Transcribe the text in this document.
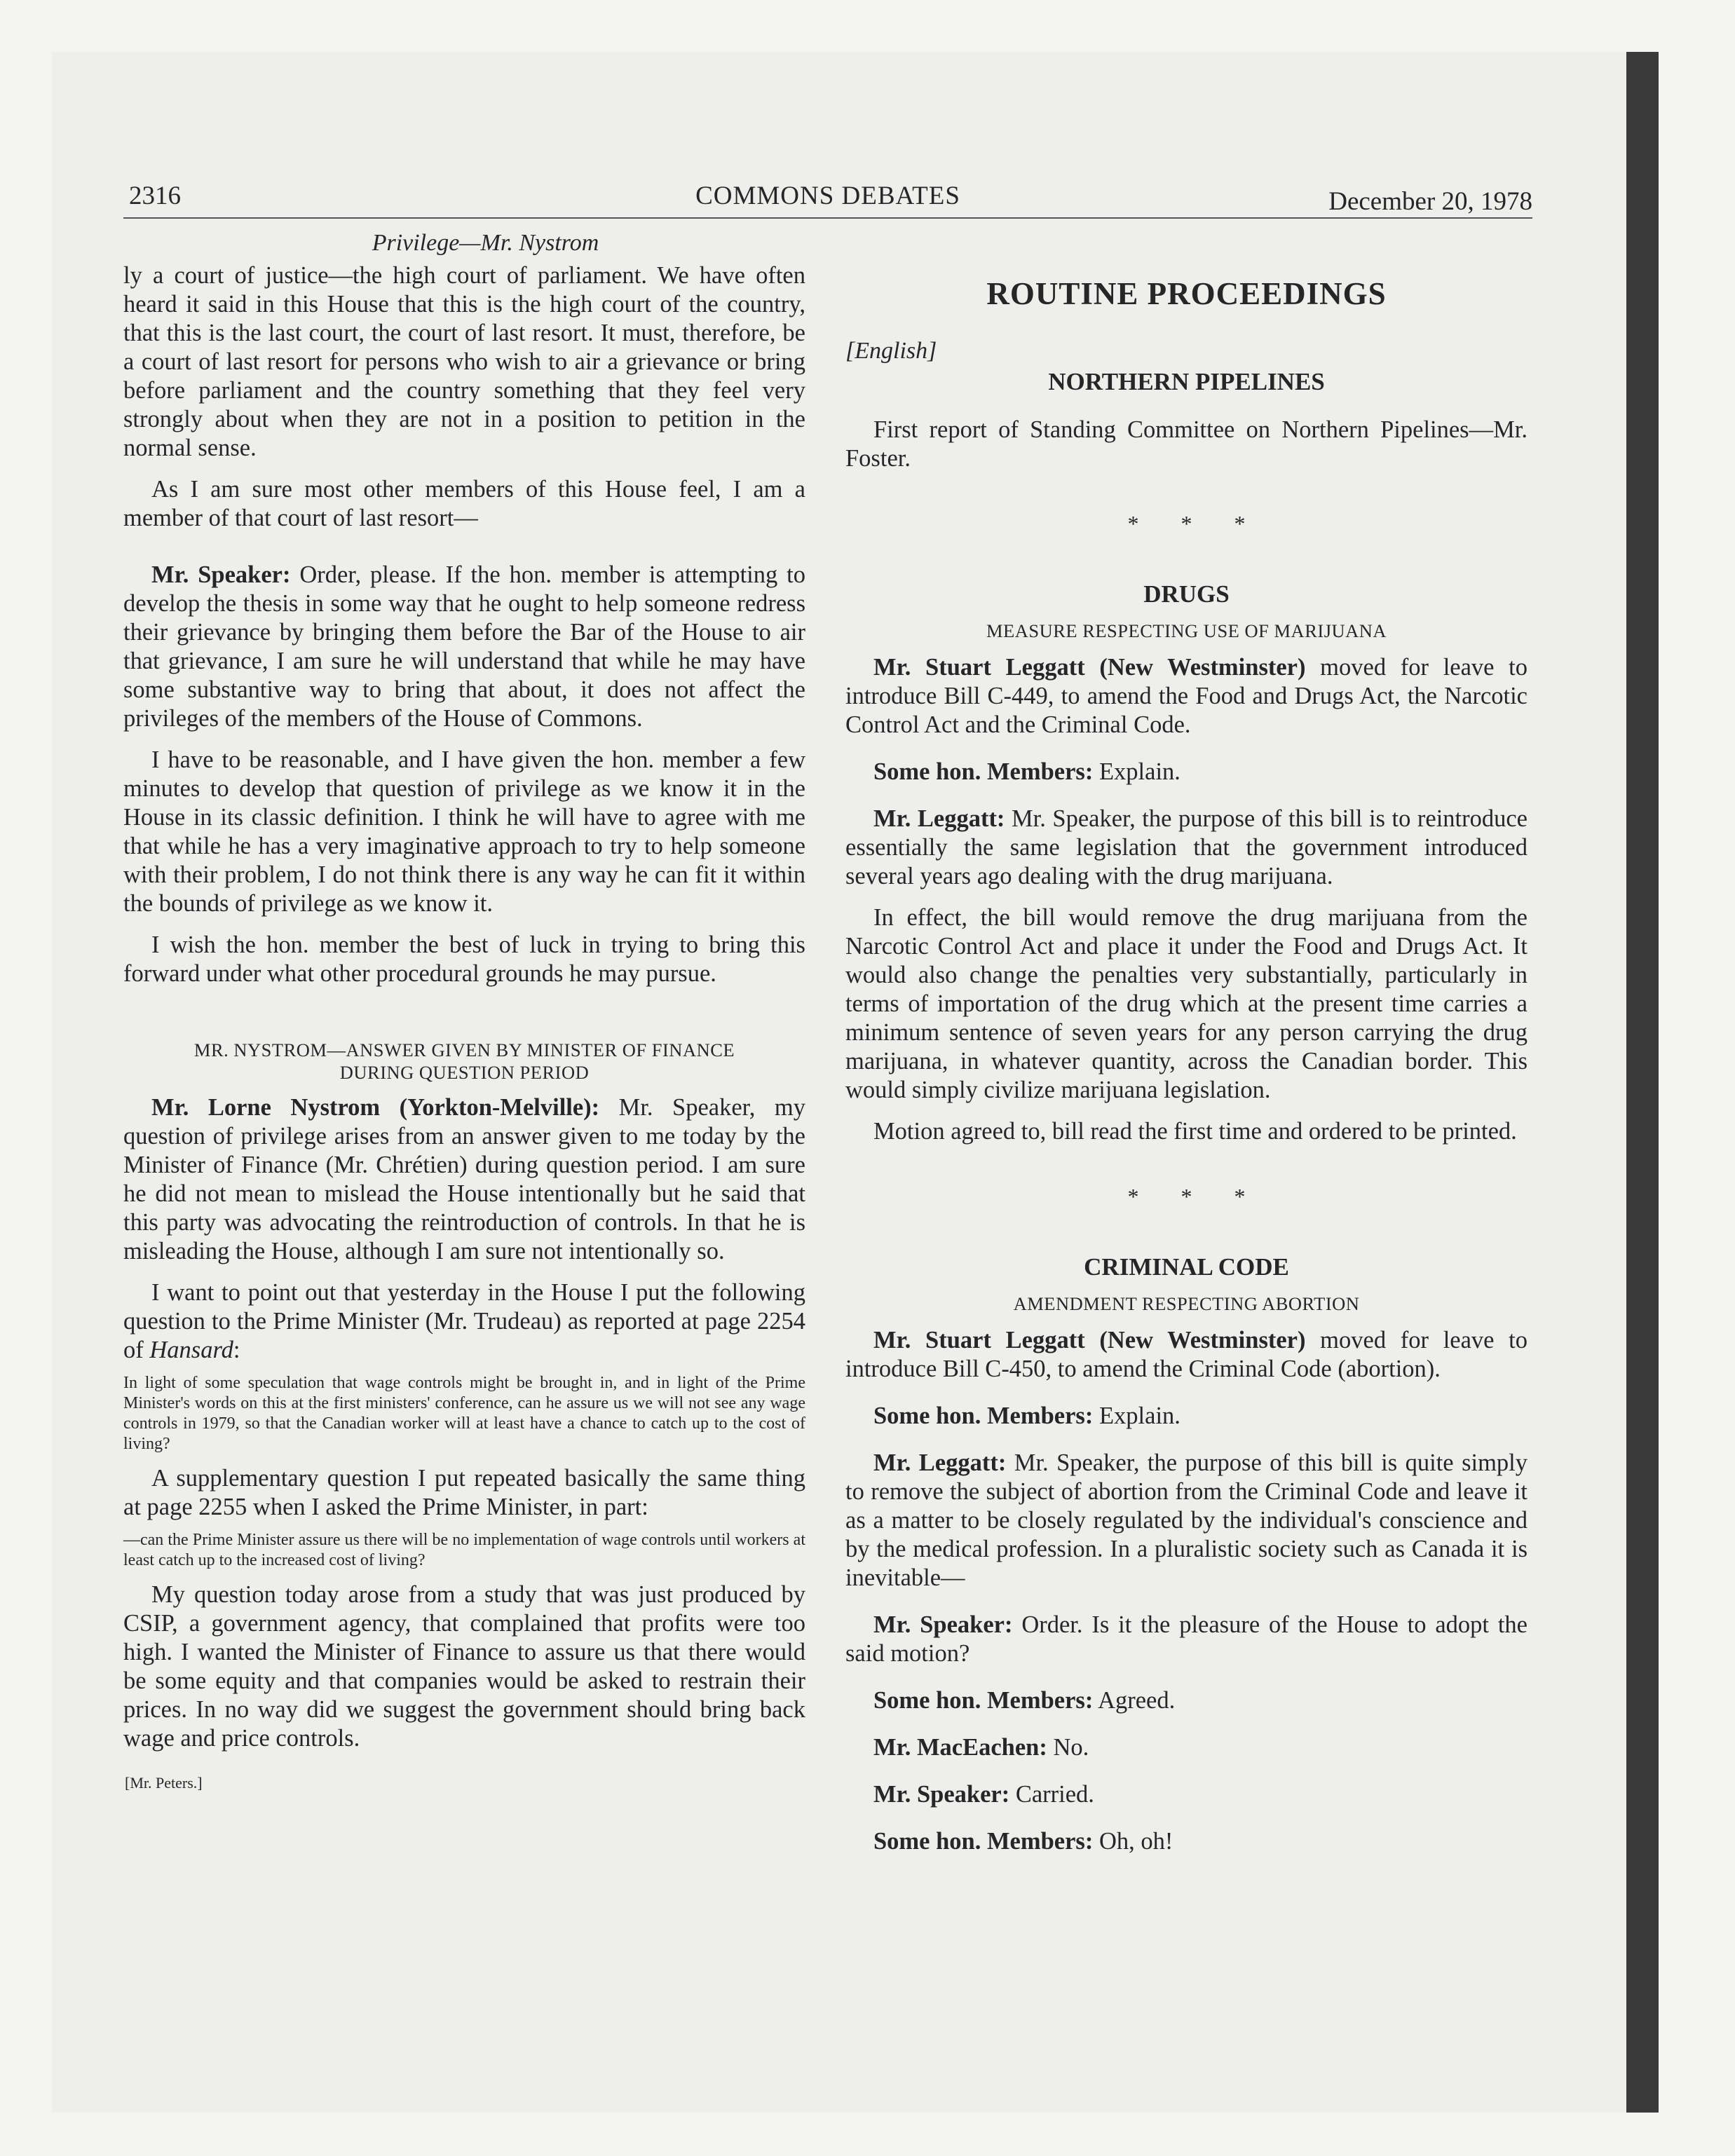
2316	COMMONS DEBATES	December 20, 1978
Privilege—Mr. Nystrom

ly a court of justice—the high court of parliament. We have often heard it said in this House that this is the high court of the country, that this is the last court, the court of last resort. It must, therefore, be a court of last resort for persons who wish to air a grievance or bring before parliament and the country something that they feel very strongly about when they are not in a position to petition in the normal sense.

As I am sure most other members of this House feel, I am a member of that court of last resort—

Mr. Speaker: Order, please. If the hon. member is attempting to develop the thesis in some way that he ought to help someone redress their grievance by bringing them before the Bar of the House to air that grievance, I am sure he will understand that while he may have some substantive way to bring that about, it does not affect the privileges of the members of the House of Commons.

I have to be reasonable, and I have given the hon. member a few minutes to develop that question of privilege as we know it in the House in its classic definition. I think he will have to agree with me that while he has a very imaginative approach to try to help someone with their problem, I do not think there is any way he can fit it within the bounds of privilege as we know it.

I wish the hon. member the best of luck in trying to bring this forward under what other procedural grounds he may pursue.

MR. NYSTROM—ANSWER GIVEN BY MINISTER OF FINANCE
DURING QUESTION PERIOD

Mr. Lorne Nystrom (Yorkton-Melville): Mr. Speaker, my question of privilege arises from an answer given to me today by the Minister of Finance (Mr. Chrétien) during question period. I am sure he did not mean to mislead the House intentionally but he said that this party was advocating the reintroduction of controls. In that he is misleading the House, although I am sure not intentionally so.

I want to point out that yesterday in the House I put the following question to the Prime Minister (Mr. Trudeau) as reported at page 2254 of Hansard:

In light of some speculation that wage controls might be brought in, and in light of the Prime Minister's words on this at the first ministers' conference, can he assure us we will not see any wage controls in 1979, so that the Canadian worker will at least have a chance to catch up to the cost of living?

A supplementary question I put repeated basically the same thing at page 2255 when I asked the Prime Minister, in part:

—can the Prime Minister assure us there will be no implementation of wage controls until workers at least catch up to the increased cost of living?

My question today arose from a study that was just produced by CSIP, a government agency, that complained that profits were too high. I wanted the Minister of Finance to assure us that there would be some equity and that companies would be asked to restrain their prices. In no way did we suggest the government should bring back wage and price controls.

[Mr. Peters.]
ROUTINE PROCEEDINGS
[English]
NORTHERN PIPELINES

First report of Standing Committee on Northern Pipelines—Mr. Foster.

* * *
DRUGS
MEASURE RESPECTING USE OF MARIJUANA

Mr. Stuart Leggatt (New Westminster) moved for leave to introduce Bill C-449, to amend the Food and Drugs Act, the Narcotic Control Act and the Criminal Code.

Some hon. Members: Explain.

Mr. Leggatt: Mr. Speaker, the purpose of this bill is to reintroduce essentially the same legislation that the government introduced several years ago dealing with the drug marijuana.

In effect, the bill would remove the drug marijuana from the Narcotic Control Act and place it under the Food and Drugs Act. It would also change the penalties very substantially, particularly in terms of importation of the drug which at the present time carries a minimum sentence of seven years for any person carrying the drug marijuana, in whatever quantity, across the Canadian border. This would simply civilize marijuana legislation.

Motion agreed to, bill read the first time and ordered to be printed.

* * *
CRIMINAL CODE
AMENDMENT RESPECTING ABORTION

Mr. Stuart Leggatt (New Westminster) moved for leave to introduce Bill C-450, to amend the Criminal Code (abortion).

Some hon. Members: Explain.

Mr. Leggatt: Mr. Speaker, the purpose of this bill is quite simply to remove the subject of abortion from the Criminal Code and leave it as a matter to be closely regulated by the individual's conscience and by the medical profession. In a pluralistic society such as Canada it is inevitable—

Mr. Speaker: Order. Is it the pleasure of the House to adopt the said motion?

Some hon. Members: Agreed.

Mr. MacEachen: No.

Mr. Speaker: Carried.

Some hon. Members: Oh, oh!
